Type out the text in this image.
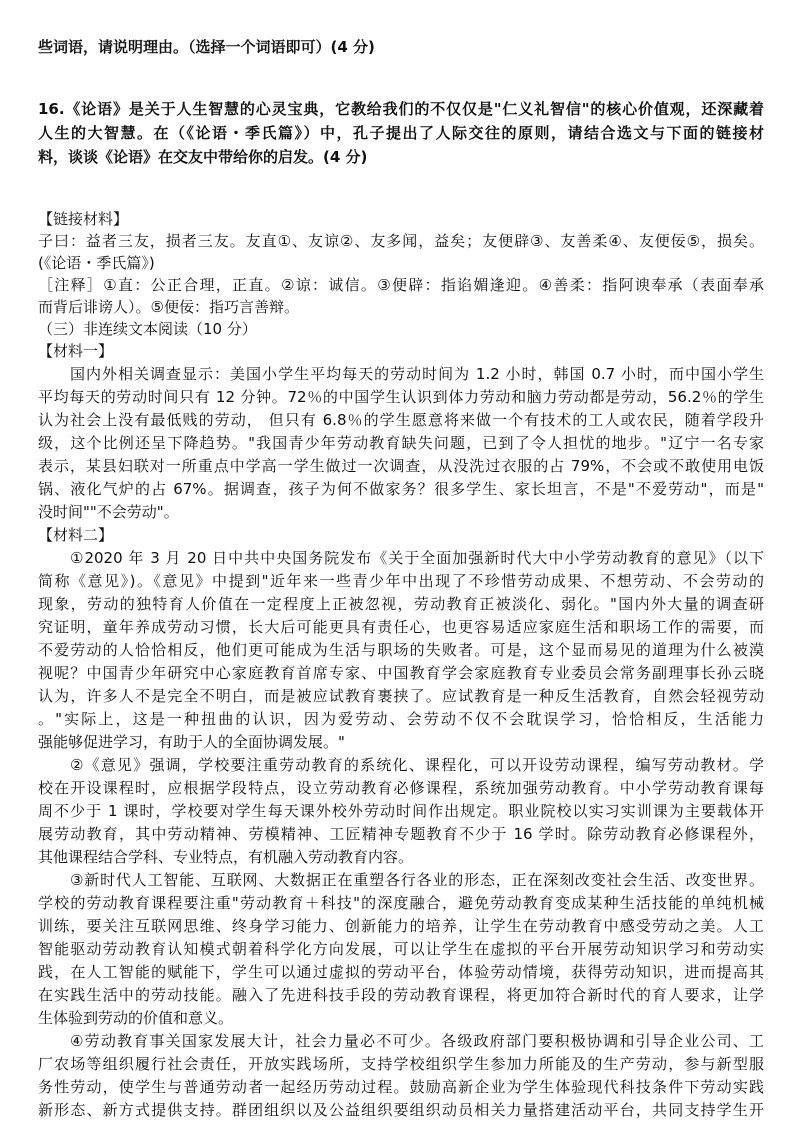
些词语，请说明理由。（选择一个词语即可）(4 分)
16.《论语》是关于人生智慧的心灵宝典，它教给我们的不仅仅是"仁义礼智信"的核心价值观，还深藏着
人生的大智慧。在（《论语・季氏篇》）中，孔子提出了人际交往的原则，请结合选文与下面的链接材
料，谈谈《论语》在交友中带给你的启发。(4 分)
【链接材料】
子曰：益者三友，损者三友。友直①、友谅②、友多闻，益矣；友便辟③、友善柔④、友便佞⑤，损矣。
(《论语・季氏篇》)
［注释］①直：公正合理，正直。②谅：诚信。③便辟：指谄媚逢迎。④善柔：指阿谀奉承（表面奉承
而背后诽谤人）。⑤便佞：指巧言善辩。
（三）非连续文本阅读（10 分）
【材料一】
国内外相关调查显示：美国小学生平均每天的劳动时间为 1.2 小时，韩国 0.7 小时，而中国小学生
平均每天的劳动时间只有 12 分钟。72％的中国学生认识到体力劳动和脑力劳动都是劳动，56.2％的学生
认为社会上没有最低贱的劳动， 但只有 6.8％的学生愿意将来做一个有技术的工人或农民，随着学段升
级，这个比例还呈下降趋势。"我国青少年劳动教育缺失问题，已到了令人担忧的地步。"辽宁一名专家
表示，某县妇联对一所重点中学高一学生做过一次调查，从没洗过衣服的占 79%，不会或不敢使用电饭
锅、液化气炉的占 67%。据调查，孩子为何不做家务？很多学生、家长坦言，不是"不爱劳动"，而是"
没时间""不会劳动"。
【材料二】
①2020 年 3 月 20 日中共中央国务院发布《关于全面加强新时代大中小学劳动教育的意见》（以下
简称《意见》)。《意见》中提到"近年来一些青少年中出现了不珍惜劳动成果、不想劳动、不会劳动的
现象，劳动的独特育人价值在一定程度上正被忽视，劳动教育正被淡化、弱化。"国内外大量的调查研
究证明，童年养成劳动习惯，长大后可能更具有责任心，也更容易适应家庭生活和职场工作的需要，而
不爱劳动的人恰恰相反，他们更可能成为生活与职场的失败者。可是，这个显而易见的道理为什么被漠
视呢？中国青少年研究中心家庭教育首席专家、中国教育学会家庭教育专业委员会常务副理事长孙云晓
认为，许多人不是完全不明白，而是被应试教育裹挟了。应试教育是一种反生活教育，自然会轻视劳动
。"实际上，这是一种扭曲的认识，因为爱劳动、会劳动不仅不会耽误学习，恰恰相反，生活能力
强能够促进学习，有助于人的全面协调发展。"
②《意见》强调，学校要注重劳动教育的系统化、课程化，可以开设劳动课程，编写劳动教材。学
校在开设课程时，应根据学段特点，设立劳动教育必修课程，系统加强劳动教育。中小学劳动教育课每
周不少于 1 课时，学校要对学生每天课外校外劳动时间作出规定。职业院校以实习实训课为主要载体开
展劳动教育，其中劳动精神、劳模精神、工匠精神专题教育不少于 16 学时。除劳动教育必修课程外，
其他课程结合学科、专业特点，有机融入劳动教育内容。
③新时代人工智能、互联网、大数据正在重塑各行各业的形态，正在深刻改变社会生活、改变世界。
学校的劳动教育课程要注重"劳动教育＋科技"的深度融合，避免劳动教育变成某种生活技能的单纯机械
训练，要关注互联网思维、终身学习能力、创新能力的培养，让学生在劳动教育中感受劳动之美。人工
智能驱动劳动教育认知模式朝着科学化方向发展，可以让学生在虚拟的平台开展劳动知识学习和劳动实
践，在人工智能的赋能下，学生可以通过虚拟的劳动平台，体验劳动情境，获得劳动知识，进而提高其
在实践生活中的劳动技能。融入了先进科技手段的劳动教育课程，将更加符合新时代的育人要求，让学
生体验到劳动的价值和意义。
④劳动教育事关国家发展大计，社会力量必不可少。各级政府部门要积极协调和引导企业公司、工
厂农场等组织履行社会责任，开放实践场所，支持学校组织学生参加力所能及的生产劳动，参与新型服
务性劳动，使学生与普通劳动者一起经历劳动过程。鼓励高新企业为学生体验现代科技条件下劳动实践
新形态、新方式提供支持。群团组织以及公益组织要组织动员相关力量搭建活动平台，共同支持学生开
